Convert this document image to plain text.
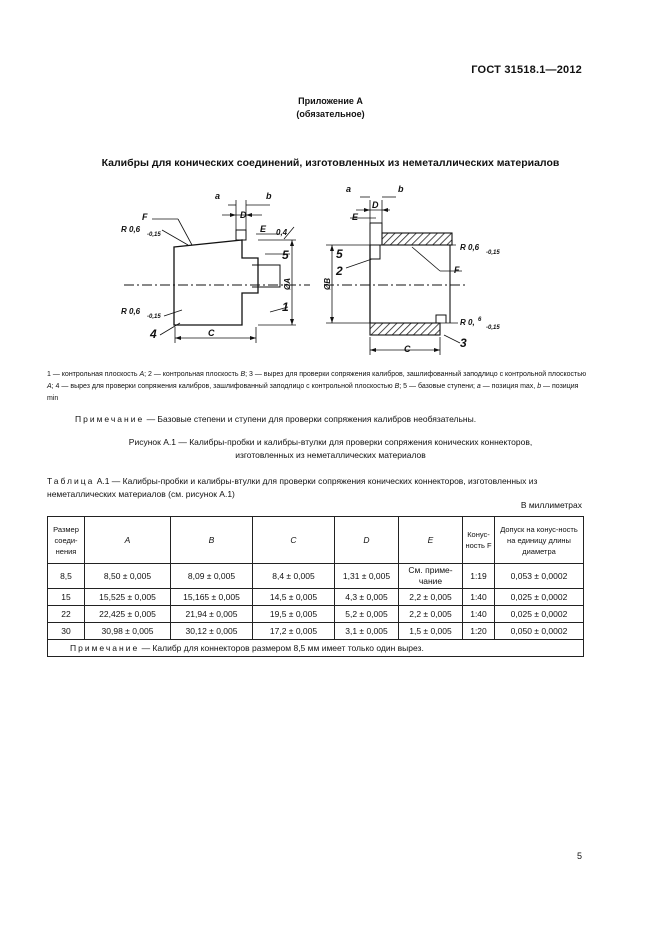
ГОСТ 31518.1—2012
Приложение А
(обязательное)
Калибры для конических соединений, изготовленных из неметаллических материалов
a	b
D
E 0,4
F
C
ØA
R 0,6
-0,15
R 0,6
-0,15
1
4
5
a	b
D
E
F
C
ØB
R 0,6
-0,15
R 0, 6
-0,15
5
2
3
1 — контрольная плоскость A; 2 — контрольная плоскость B; 3 — вырез для проверки сопряжения калибров, зашлифованный заподлицо с контрольной плоскостью A; 4 — вырез для проверки сопряжения калибров, зашлифованный заподлицо с контрольной плоскостью B; 5 — базовые ступени; a — позиция max, b — позиция min
Примечание — Базовые степени и ступени для проверки сопряжения калибров необязательны.
Рисунок А.1 — Калибры-пробки и калибры-втулки для проверки сопряжения конических коннекторов,
изготовленных из неметаллических материалов
Таблица А.1 — Калибры-пробки и калибры-втулки для проверки сопряжения конических коннекторов, изготовленных из неметаллических материалов (см. рисунок А.1)
В миллиметрах
Размер соеди-нения	A	B	C	D	E	Конус-ность F	Допуск на конус-ность на единицу длины диаметра
8,5	8,50 ± 0,005	8,09 ± 0,005	8,4 ± 0,005	1,31 ± 0,005	См. приме-чание	1:19	0,053 ± 0,0002
15	15,525 ± 0,005	15,165 ± 0,005	14,5 ± 0,005	4,3 ± 0,005	2,2 ± 0,005	1:40	0,025 ± 0,0002
22	22,425 ± 0,005	21,94 ± 0,005	19,5 ± 0,005	5,2 ± 0,005	2,2 ± 0,005	1:40	0,025 ± 0,0002
30	30,98 ± 0,005	30,12 ± 0,005	17,2 ± 0,005	3,1 ± 0,005	1,5 ± 0,005	1:20	0,050 ± 0,0002
Примечание — Калибр для коннекторов размером 8,5 мм имеет только один вырез.							
5
